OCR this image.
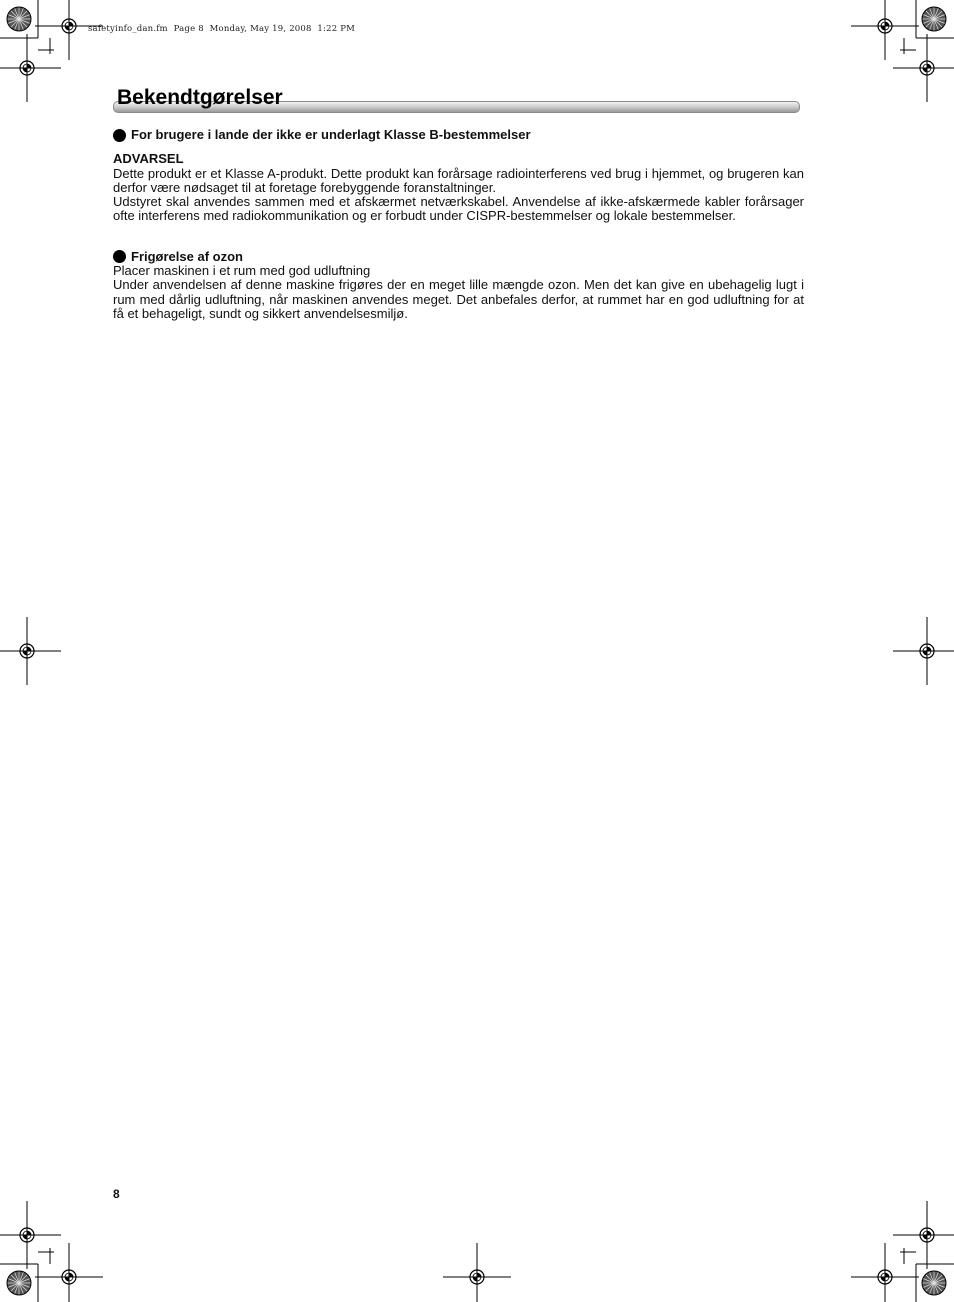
safetyinfo_dan.fm  Page 8  Monday, May 19, 2008  1:22 PM
Bekendtgørelser

For brugere i lande der ikke er underlagt Klasse B-bestemmelser

ADVARSEL

Dette produkt er et Klasse A-produkt. Dette produkt kan forårsage radiointerferens ved brug i hjemmet, og brugeren kan derfor være nødsaget til at foretage forebyggende foranstaltninger.

Udstyret skal anvendes sammen med et afskærmet netværkskabel. Anvendelse af ikke-afskærmede kabler forårsager ofte interferens med radiokommunikation og er forbudt under CISPR-bestemmelser og lokale bestemmelser.

Frigørelse af ozon

Placer maskinen i et rum med god udluftning

Under anvendelsen af denne maskine frigøres der en meget lille mængde ozon. Men det kan give en ubehagelig lugt i rum med dårlig udluftning, når maskinen anvendes meget. Det anbefales derfor, at rummet har en god udluftning for at få et behageligt, sundt og sikkert anvendelsesmiljø.

8
